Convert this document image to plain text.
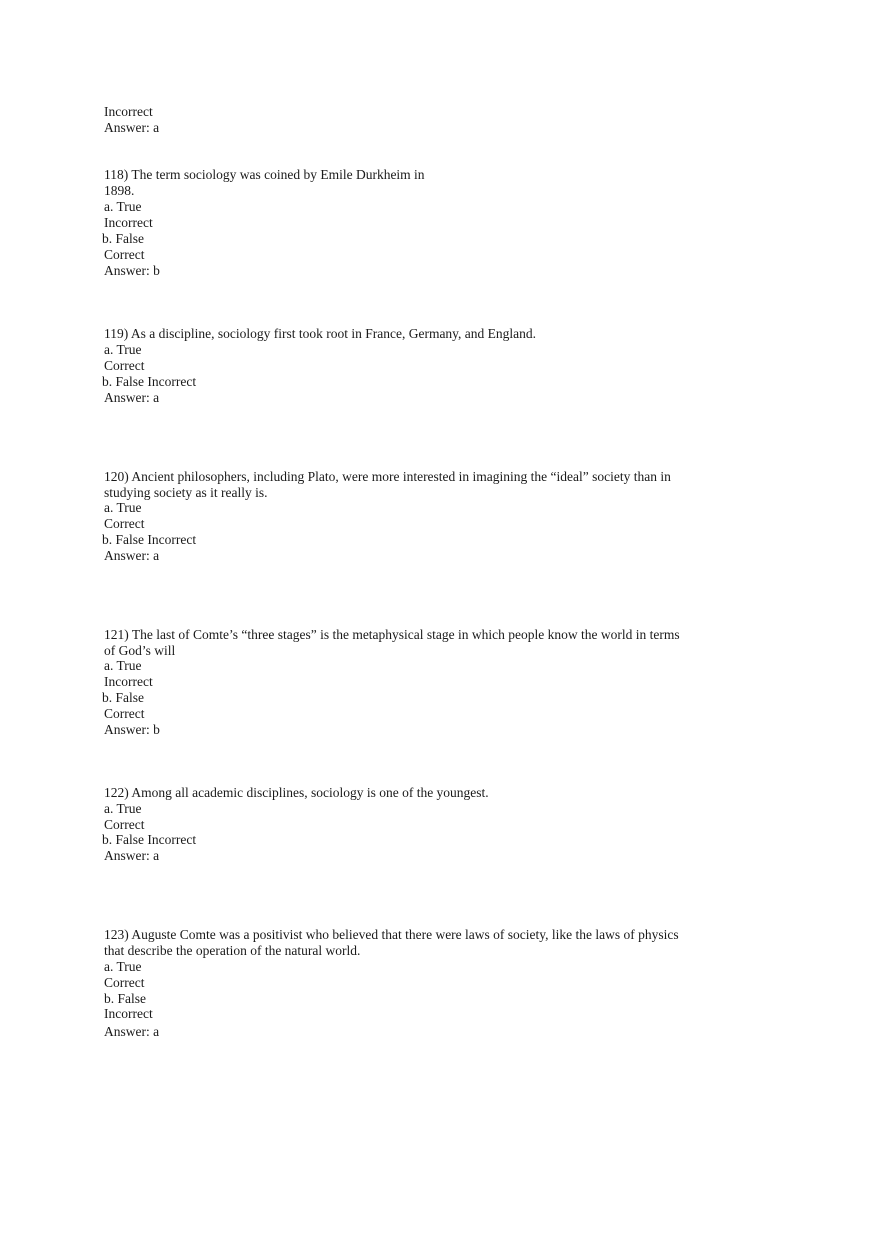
Incorrect
Answer: a
118) The term sociology was coined by Emile Durkheim in
1898.
a. True
Incorrect
b. False
Correct
Answer: b
119) As a discipline, sociology first took root in France, Germany, and England.
a. True
Correct
b. False Incorrect
Answer: a
120) Ancient philosophers, including Plato, were more interested in imagining the “ideal” society than in
studying society as it really is.
a. True
Correct
b. False Incorrect
Answer: a
121) The last of Comte’s “three stages” is the metaphysical stage in which people know the world in terms
of God’s will
a. True
Incorrect
b. False
Correct
Answer: b
122) Among all academic disciplines, sociology is one of the youngest.
a. True
Correct
b. False Incorrect
Answer: a
123) Auguste Comte was a positivist who believed that there were laws of society, like the laws of physics
that describe the operation of the natural world.
a. True
Correct
b. False
Incorrect
Answer: a
